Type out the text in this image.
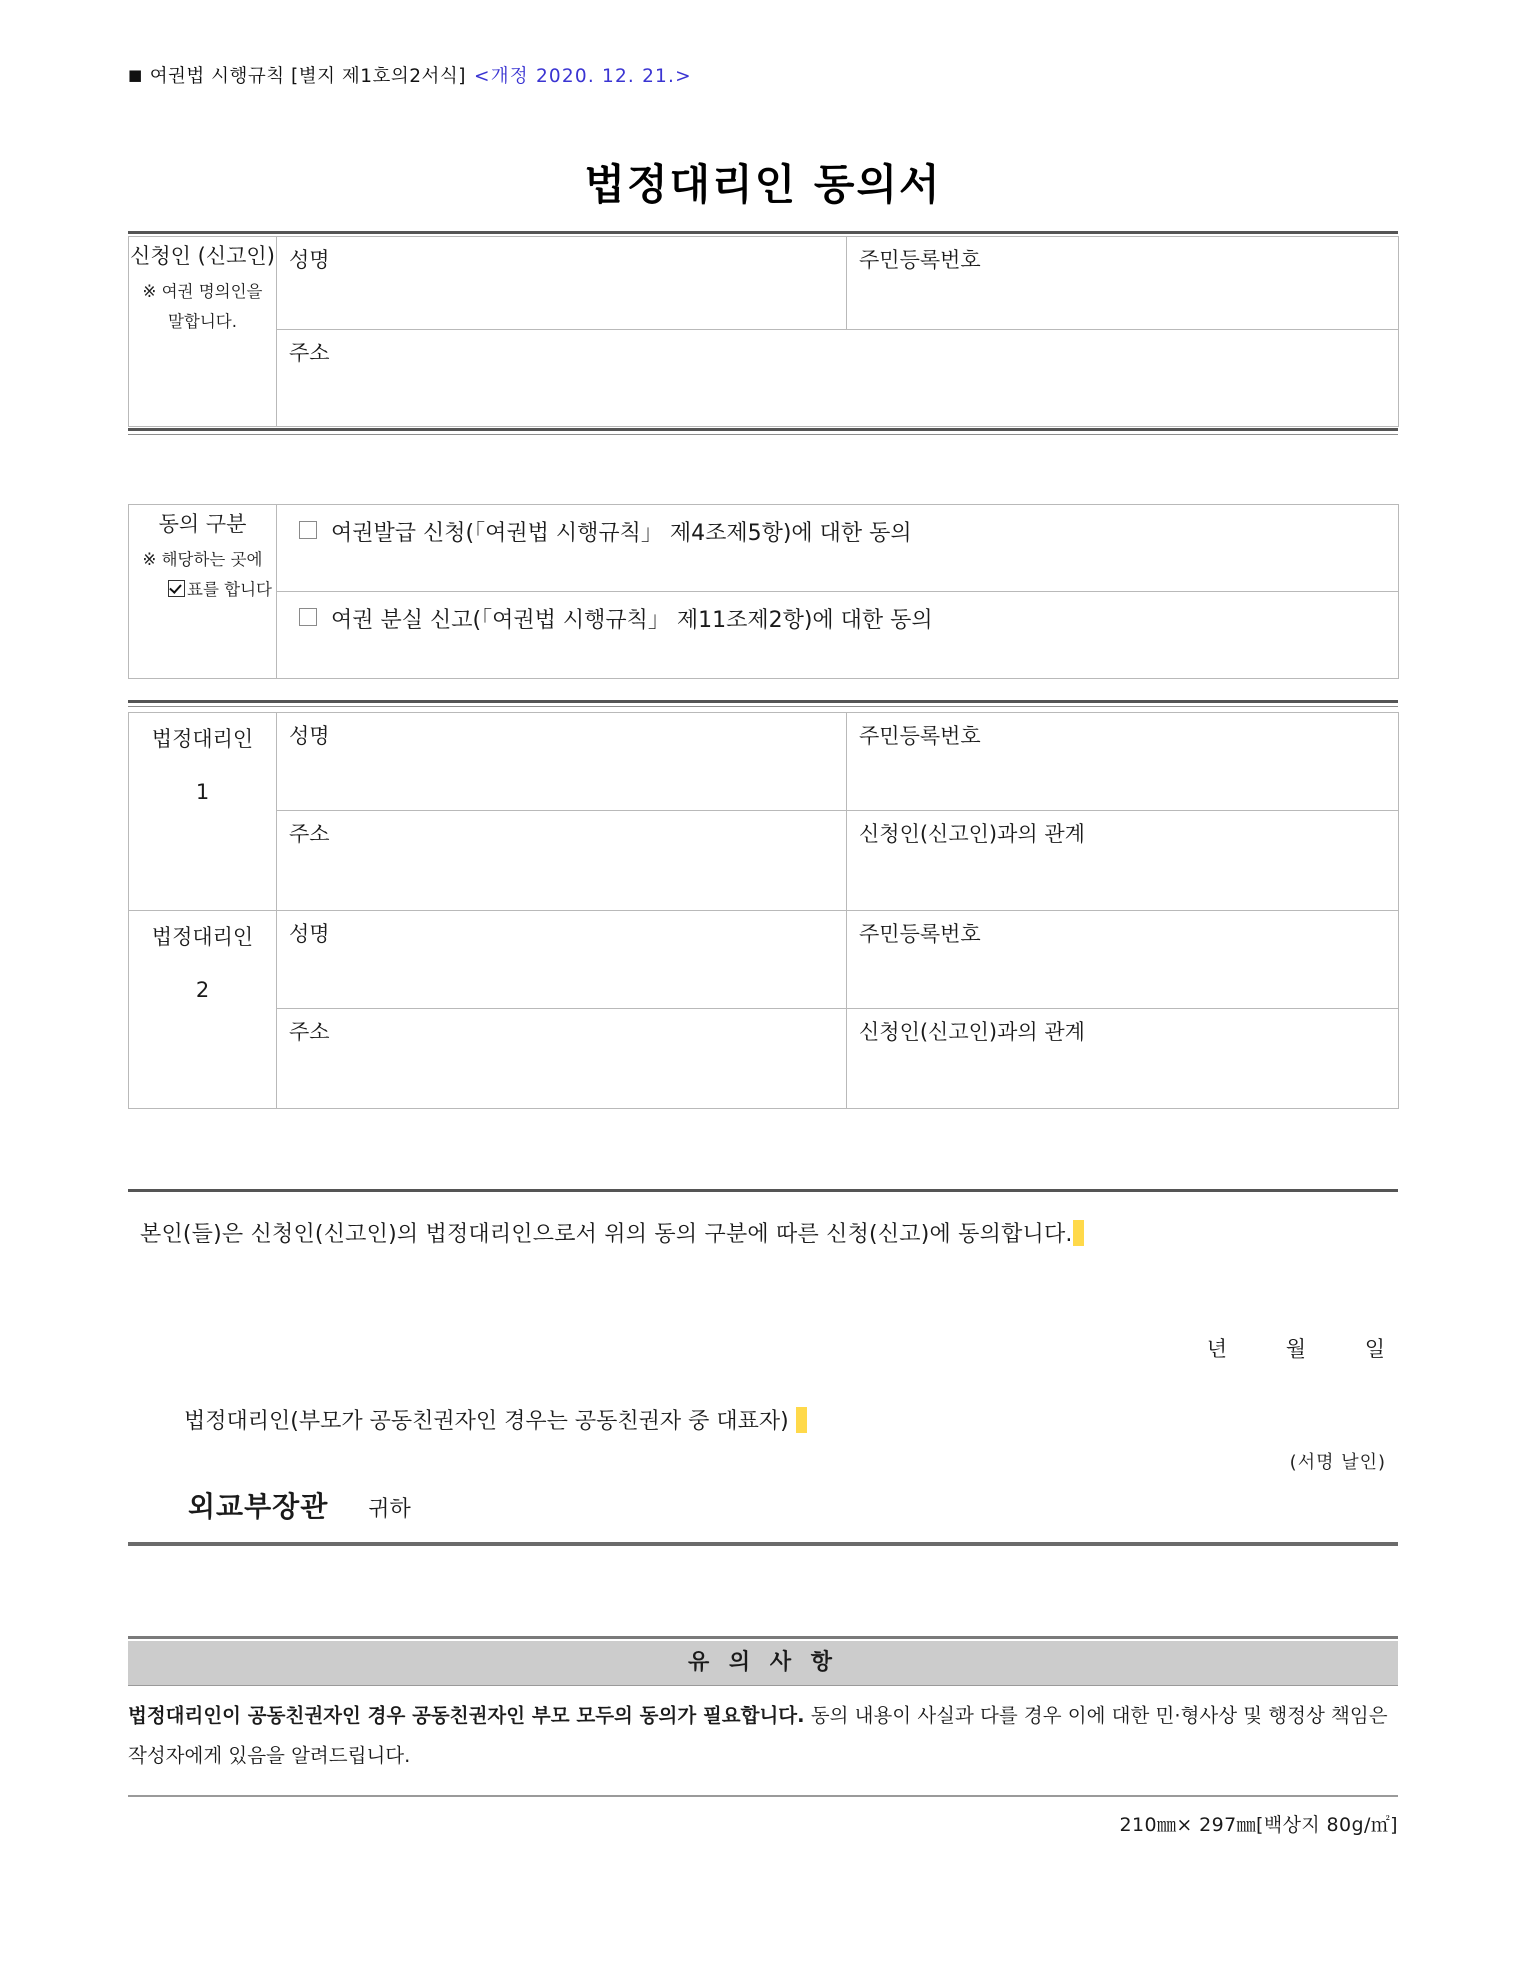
■ 여권법 시행규칙 [별지 제1호의2서식] <개정 2020. 12. 21.>
법정대리인 동의서
신청인 (신고인)
※ 여권 명의인을
말합니다.

성명	주민등록번호

주소
동의 구분
※ 해당하는 곳에
표를 합니다

여권발급 신청(「여권법 시행규칙」 제4조제5항)에 대한 동의

여권 분실 신고(「여권법 시행규칙」 제11조제2항)에 대한 동의
법정대리인
1	성명	주민등록번호

	주소	신청인(신고인)과의 관계
법정대리인
2	성명	주민등록번호

	주소	신청인(신고인)과의 관계
본인(들)은 신청인(신고인)의 법정대리인으로서 위의 동의 구분에 따른 신청(신고)에 동의합니다.
년	월	일
법정대리인(부모가 공동친권자인 경우는 공동친권자 중 대표자)
(서명 날인)
외교부장관 귀하
유 의 사 항
법정대리인이 공동친권자인 경우 공동친권자인 부모 모두의 동의가 필요합니다. 동의 내용이 사실과 다를 경우 이에 대한 민·형사상 및 행정상 책임은 작성자에게 있음을 알려드립니다.
210㎜× 297㎜[백상지 80g/㎡]
